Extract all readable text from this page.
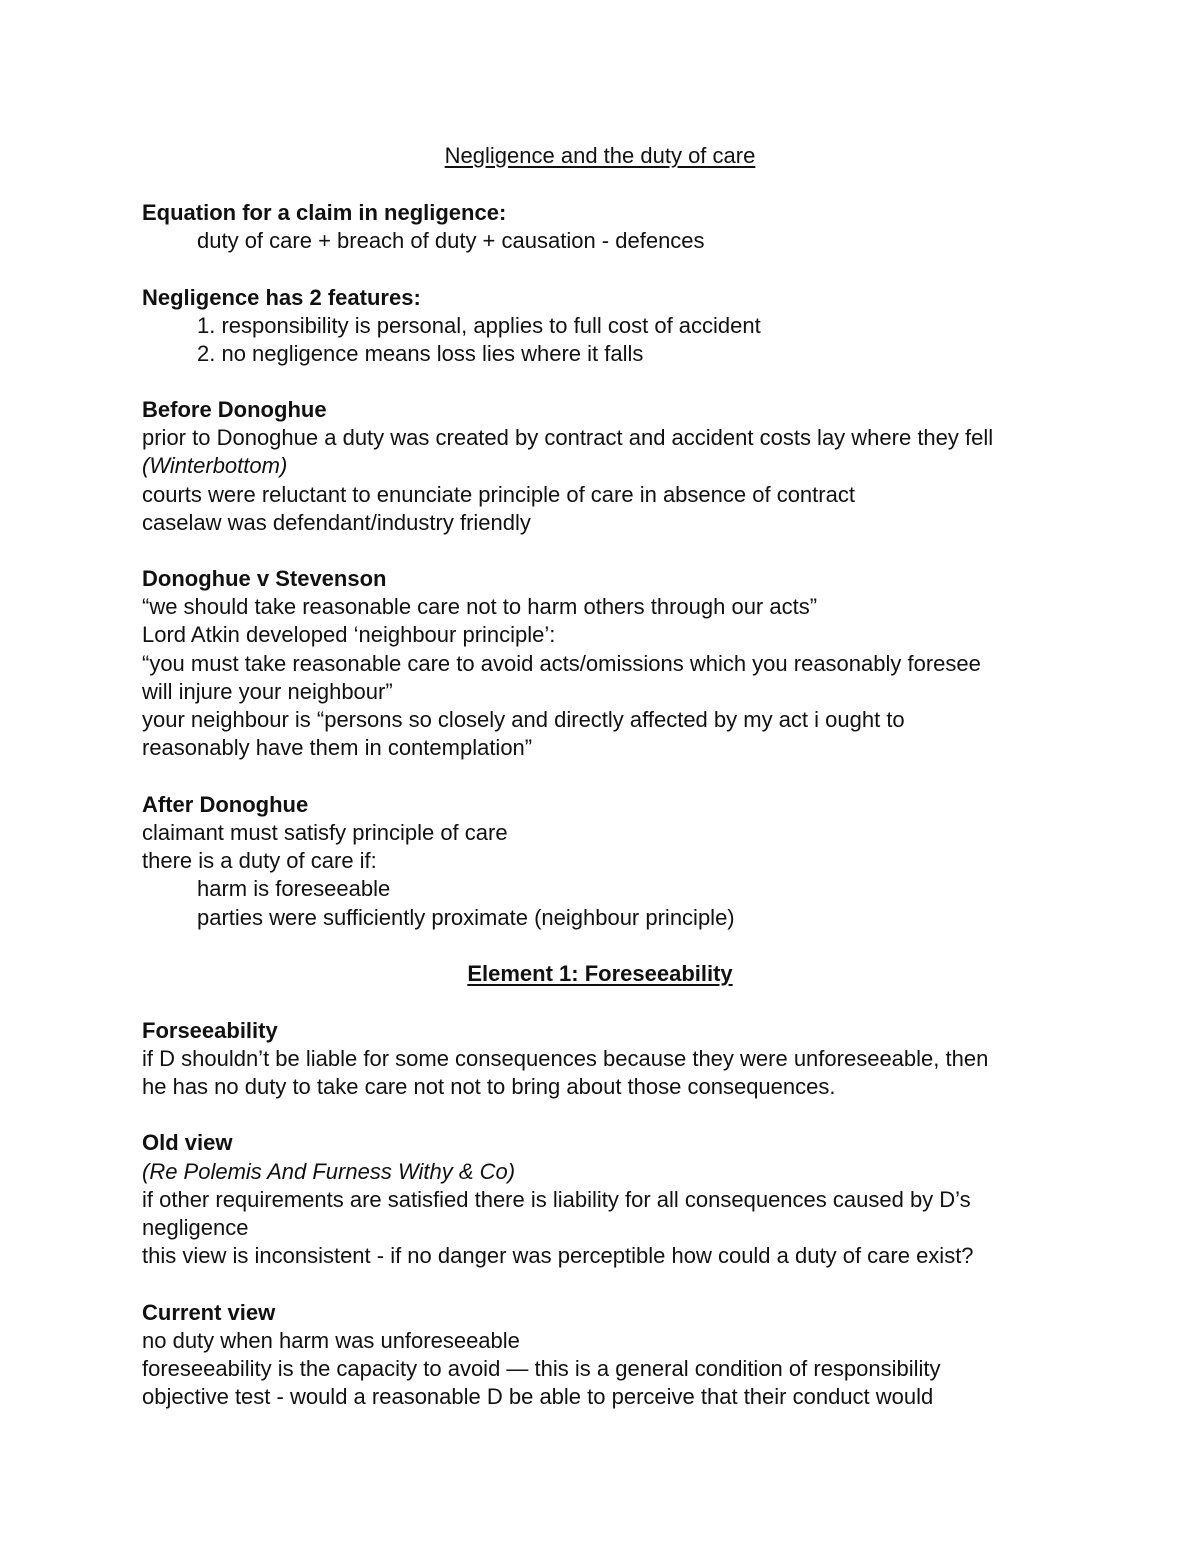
Negligence and the duty of care
Equation for a claim in negligence:
duty of care + breach of duty + causation - defences
Negligence has 2 features:
1. responsibility is personal, applies to full cost of accident
2. no negligence means loss lies where it falls
Before Donoghue
prior to Donoghue a duty was created by contract and accident costs lay where they fell
(Winterbottom)
courts were reluctant to enunciate principle of care in absence of contract
caselaw was defendant/industry friendly
Donoghue v Stevenson
“we should take reasonable care not to harm others through our acts”
Lord Atkin developed ‘neighbour principle’:
“you must take reasonable care to avoid acts/omissions which you reasonably foresee
will injure your neighbour”
your neighbour is “persons so closely and directly affected by my act i ought to
reasonably have them in contemplation”
After Donoghue
claimant must satisfy principle of care
there is a duty of care if:
harm is foreseeable
parties were sufficiently proximate (neighbour principle)
Element 1: Foreseeability
Forseeability
if D shouldn’t be liable for some consequences because they were unforeseeable, then
he has no duty to take care not not to bring about those consequences.
Old view
(Re Polemis And Furness Withy & Co)
if other requirements are satisfied there is liability for all consequences caused by D’s
negligence
this view is inconsistent - if no danger was perceptible how could a duty of care exist?
Current view
no duty when harm was unforeseeable
foreseeability is the capacity to avoid — this is a general condition of responsibility
objective test - would a reasonable D be able to perceive that their conduct would
